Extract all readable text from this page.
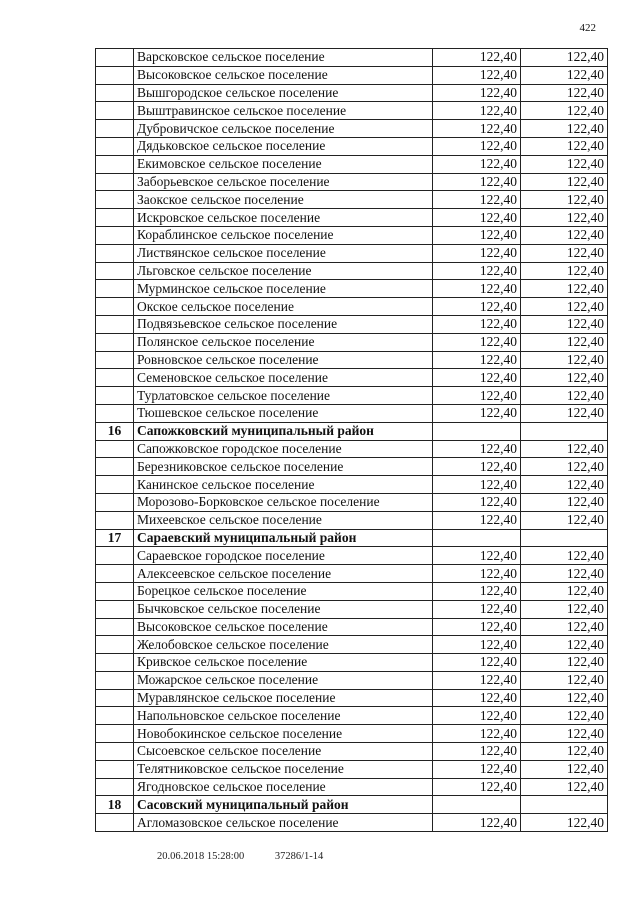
422
	Варсковское сельское поселение	122,40	122,40
	Высоковское сельское поселение	122,40	122,40
	Вышгородское сельское поселение	122,40	122,40
	Выштравинское сельское поселение	122,40	122,40
	Дубровичское сельское поселение	122,40	122,40
	Дядьковское сельское поселение	122,40	122,40
	Екимовское сельское поселение	122,40	122,40
	Заборьевское сельское поселение	122,40	122,40
	Заокское сельское поселение	122,40	122,40
	Искровское сельское поселение	122,40	122,40
	Кораблинское сельское поселение	122,40	122,40
	Листвянское сельское поселение	122,40	122,40
	Льговское сельское поселение	122,40	122,40
	Мурминское сельское поселение	122,40	122,40
	Окское сельское поселение	122,40	122,40
	Подвязьевское сельское поселение	122,40	122,40
	Полянское сельское поселение	122,40	122,40
	Ровновское сельское поселение	122,40	122,40
	Семеновское сельское поселение	122,40	122,40
	Турлатовское сельское поселение	122,40	122,40
	Тюшевское сельское поселение	122,40	122,40
16	Сапожковский муниципальный район		
	Сапожковское городское поселение	122,40	122,40
	Березниковское сельское поселение	122,40	122,40
	Канинское сельское поселение	122,40	122,40
	Морозово-Борковское сельское поселение	122,40	122,40
	Михеевское сельское поселение	122,40	122,40
17	Сараевский муниципальный район		
	Сараевское городское поселение	122,40	122,40
	Алексеевское сельское поселение	122,40	122,40
	Борецкое сельское поселение	122,40	122,40
	Бычковское сельское поселение	122,40	122,40
	Высоковское сельское поселение	122,40	122,40
	Желобовское сельское поселение	122,40	122,40
	Кривское сельское поселение	122,40	122,40
	Можарское сельское поселение	122,40	122,40
	Муравлянское сельское поселение	122,40	122,40
	Напольновское сельское поселение	122,40	122,40
	Новобокинское сельское поселение	122,40	122,40
	Сысоевское сельское поселение	122,40	122,40
	Телятниковское сельское поселение	122,40	122,40
	Ягодновское сельское поселение	122,40	122,40
18	Сасовский муниципальный район		
	Агломазовское сельское поселение	122,40	122,40
20.06.2018 15:28:00	37286/1-14
